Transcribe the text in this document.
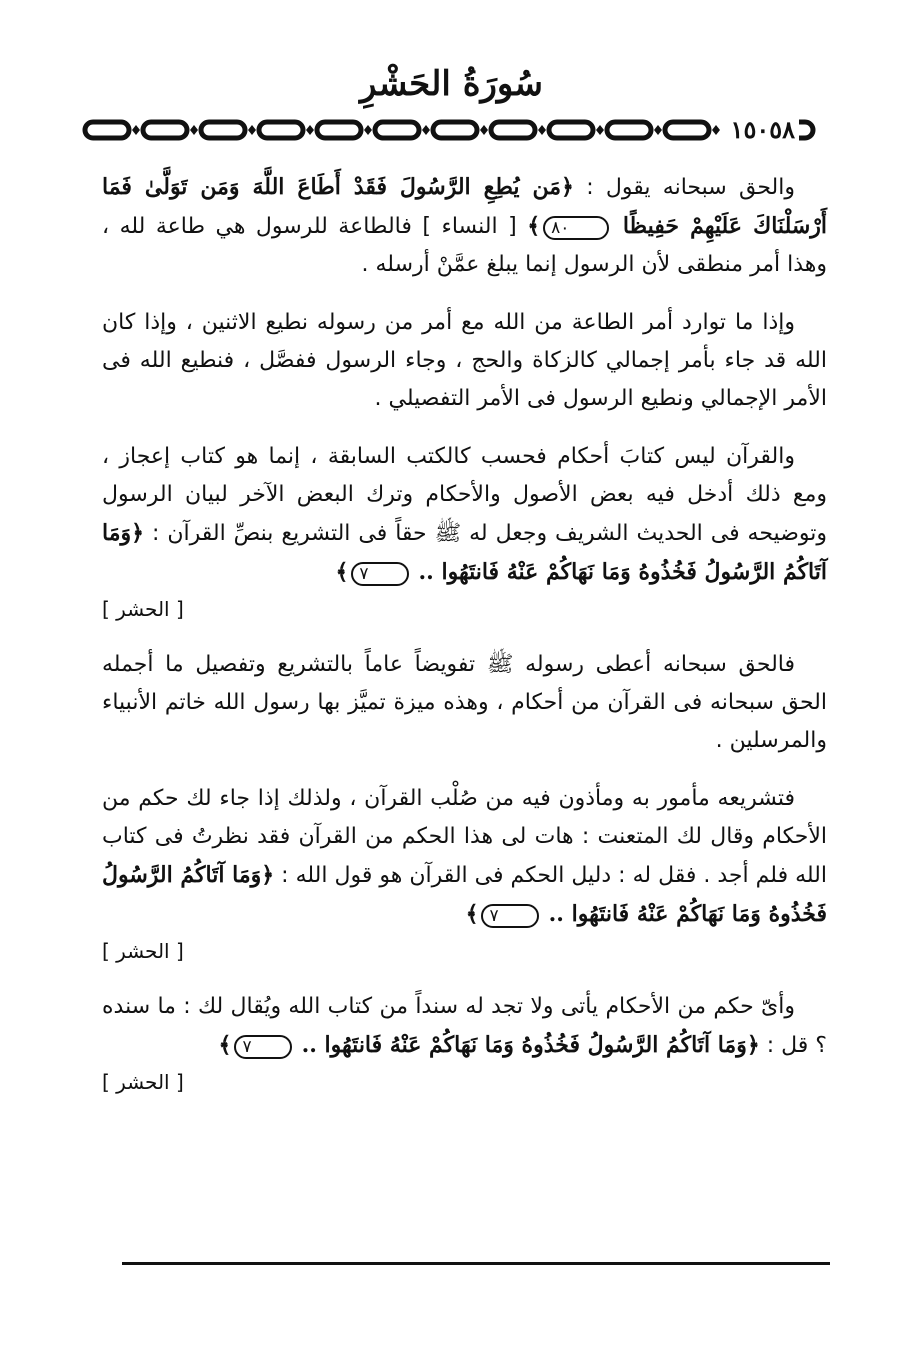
سُورَةُ الحَشْرِ
١٥٠٥٨

والحق سبحانه يقول : ﴿مَن يُطِعِ الرَّسُولَ فَقَدْ أَطَاعَ اللَّهَ وَمَن تَوَلَّىٰ فَمَا أَرْسَلْنَاكَ عَلَيْهِمْ حَفِيظًا ٨٠﴾ [ النساء ] فالطاعة للرسول هي طاعة لله ، وهذا أمر منطقى لأن الرسول إنما يبلغ عمَّنْ أرسله .

وإذا ما توارد أمر الطاعة من الله مع أمر من رسوله نطيع الاثنين ، وإذا كان الله قد جاء بأمر إجمالي كالزكاة والحج ، وجاء الرسول ففصَّل ، فنطيع الله فى الأمر الإجمالي ونطيع الرسول فى الأمر التفصيلي .

والقرآن ليس كتابَ أحكام فحسب كالكتب السابقة ، إنما هو كتاب إعجاز ، ومع ذلك أدخل فيه بعض الأصول والأحكام وترك البعض الآخر لبيان الرسول وتوضيحه فى الحديث الشريف وجعل له ﷺ حقاً فى التشريع بنصِّ القرآن : ﴿وَمَا آتَاكُمُ الرَّسُولُ فَخُذُوهُ وَمَا نَهَاكُمْ عَنْهُ فَانتَهُوا .. ٧﴾
[ الحشر ]

فالحق سبحانه أعطى رسوله ﷺ تفويضاً عاماً بالتشريع وتفصيل ما أجمله الحق سبحانه فى القرآن من أحكام ، وهذه ميزة تميَّز بها رسول الله خاتم الأنبياء والمرسلين .

فتشريعه مأمور به ومأذون فيه من صُلْب القرآن ، ولذلك إذا جاء لك حكم من الأحكام وقال لك المتعنت : هات لى هذا الحكم من القرآن فقد نظرتُ فى كتاب الله فلم أجد . فقل له : دليل الحكم فى القرآن هو قول الله : ﴿وَمَا آتَاكُمُ الرَّسُولُ فَخُذُوهُ وَمَا نَهَاكُمْ عَنْهُ فَانتَهُوا .. ٧﴾
[ الحشر ]

وأىّ حكم من الأحكام يأتى ولا تجد له سنداً من كتاب الله ويُقال لك : ما سنده ؟ قل : ﴿وَمَا آتَاكُمُ الرَّسُولُ فَخُذُوهُ وَمَا نَهَاكُمْ عَنْهُ فَانتَهُوا .. ٧﴾
[ الحشر ]
